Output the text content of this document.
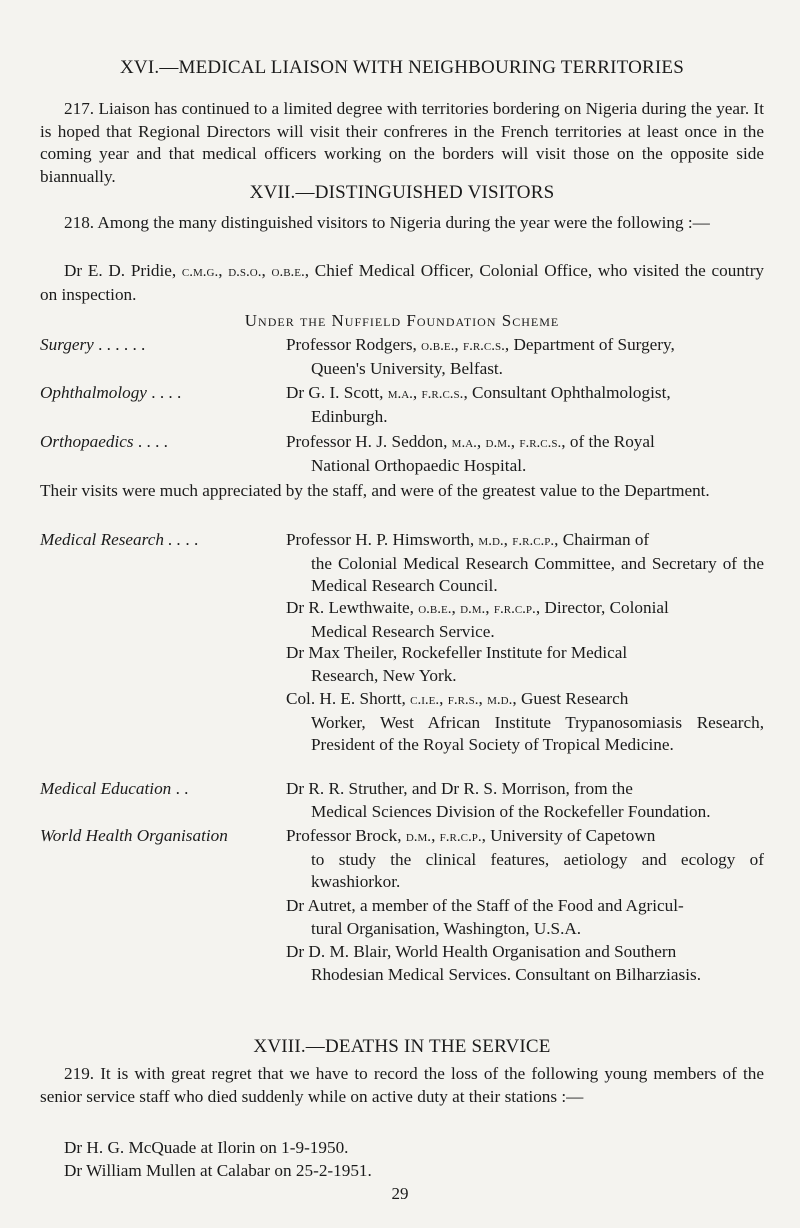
XVI.—MEDICAL LIAISON WITH NEIGHBOURING TERRITORIES
217. Liaison has continued to a limited degree with territories bordering on Nigeria during the year. It is hoped that Regional Directors will visit their confreres in the French territories at least once in the coming year and that medical officers working on the borders will visit those on the opposite side biannually.
XVII.—DISTINGUISHED VISITORS
218. Among the many distinguished visitors to Nigeria during the year were the following :—
Dr E. D. Pridie, c.m.g., d.s.o., o.b.e., Chief Medical Officer, Colonial Office, who visited the country on inspection.
Under the Nuffield Foundation Scheme
Surgery . . . . . .	Professor Rodgers, o.b.e., f.r.c.s., Department of Surgery,
Queen's University, Belfast.
Ophthalmology . . . .	Dr G. I. Scott, m.a., f.r.c.s., Consultant Ophthalmologist,
Edinburgh.
Orthopaedics . . . .	Professor H. J. Seddon, m.a., d.m., f.r.c.s., of the Royal
National Orthopaedic Hospital.
Their visits were much appreciated by the staff, and were of the greatest value to the Department.
Medical Research . . . .	Professor H. P. Himsworth, m.d., f.r.c.p., Chairman of
the Colonial Medical Research Committee, and Secretary of the Medical Research Council.
Dr R. Lewthwaite, o.b.e., d.m., f.r.c.p., Director, Colonial
Medical Research Service.
Dr Max Theiler, Rockefeller Institute for Medical
Research, New York.
Col. H. E. Shortt, c.i.e., f.r.s., m.d., Guest Research
Worker, West African Institute Trypanosomiasis Research, President of the Royal Society of Tropical Medicine.
Medical Education . .	Dr R. R. Struther, and Dr R. S. Morrison, from the
Medical Sciences Division of the Rockefeller Foundation.
World Health Organisation	Professor Brock, d.m., f.r.c.p., University of Capetown
to study the clinical features, aetiology and ecology of kwashiorkor.
Dr Autret, a member of the Staff of the Food and Agricul-
tural Organisation, Washington, U.S.A.
Dr D. M. Blair, World Health Organisation and Southern
Rhodesian Medical Services. Consultant on Bilharziasis.
XVIII.—DEATHS IN THE SERVICE
219. It is with great regret that we have to record the loss of the following young members of the senior service staff who died suddenly while on active duty at their stations :—
Dr H. G. McQuade at Ilorin on 1-9-1950.
Dr William Mullen at Calabar on 25-2-1951.
29
